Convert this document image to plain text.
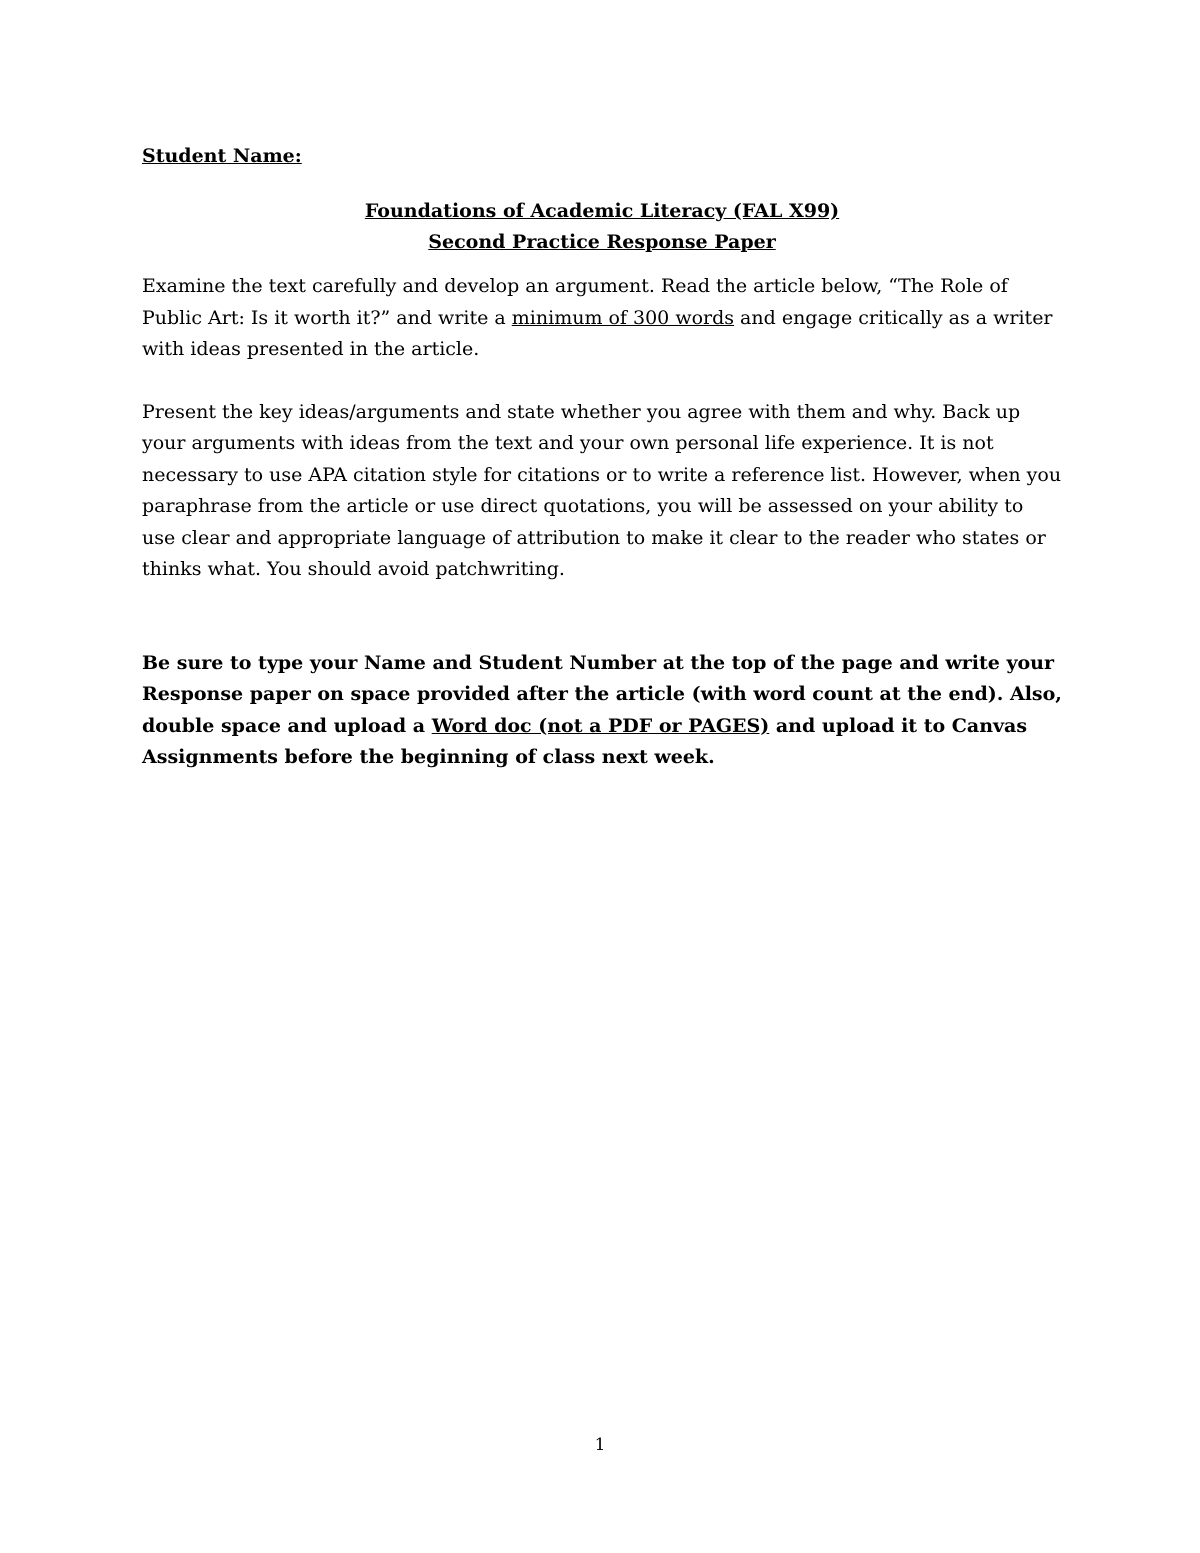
Student Name:

Foundations of Academic Literacy (FAL X99)
Second Practice Response Paper

Examine the text carefully and develop an argument. Read the article below, “The Role of Public Art: Is it worth it?” and write a minimum of 300 words and engage critically as a writer with ideas presented in the article.

Present the key ideas/arguments and state whether you agree with them and why. Back up your arguments with ideas from the text and your own personal life experience. It is not necessary to use APA citation style for citations or to write a reference list. However, when you paraphrase from the article or use direct quotations, you will be assessed on your ability to use clear and appropriate language of attribution to make it clear to the reader who states or thinks what. You should avoid patchwriting.

Be sure to type your Name and Student Number at the top of the page and write your Response paper on space provided after the article (with word count at the end). Also, double space and upload a Word doc (not a PDF or PAGES) and upload it to Canvas Assignments before the beginning of class next week.

1
